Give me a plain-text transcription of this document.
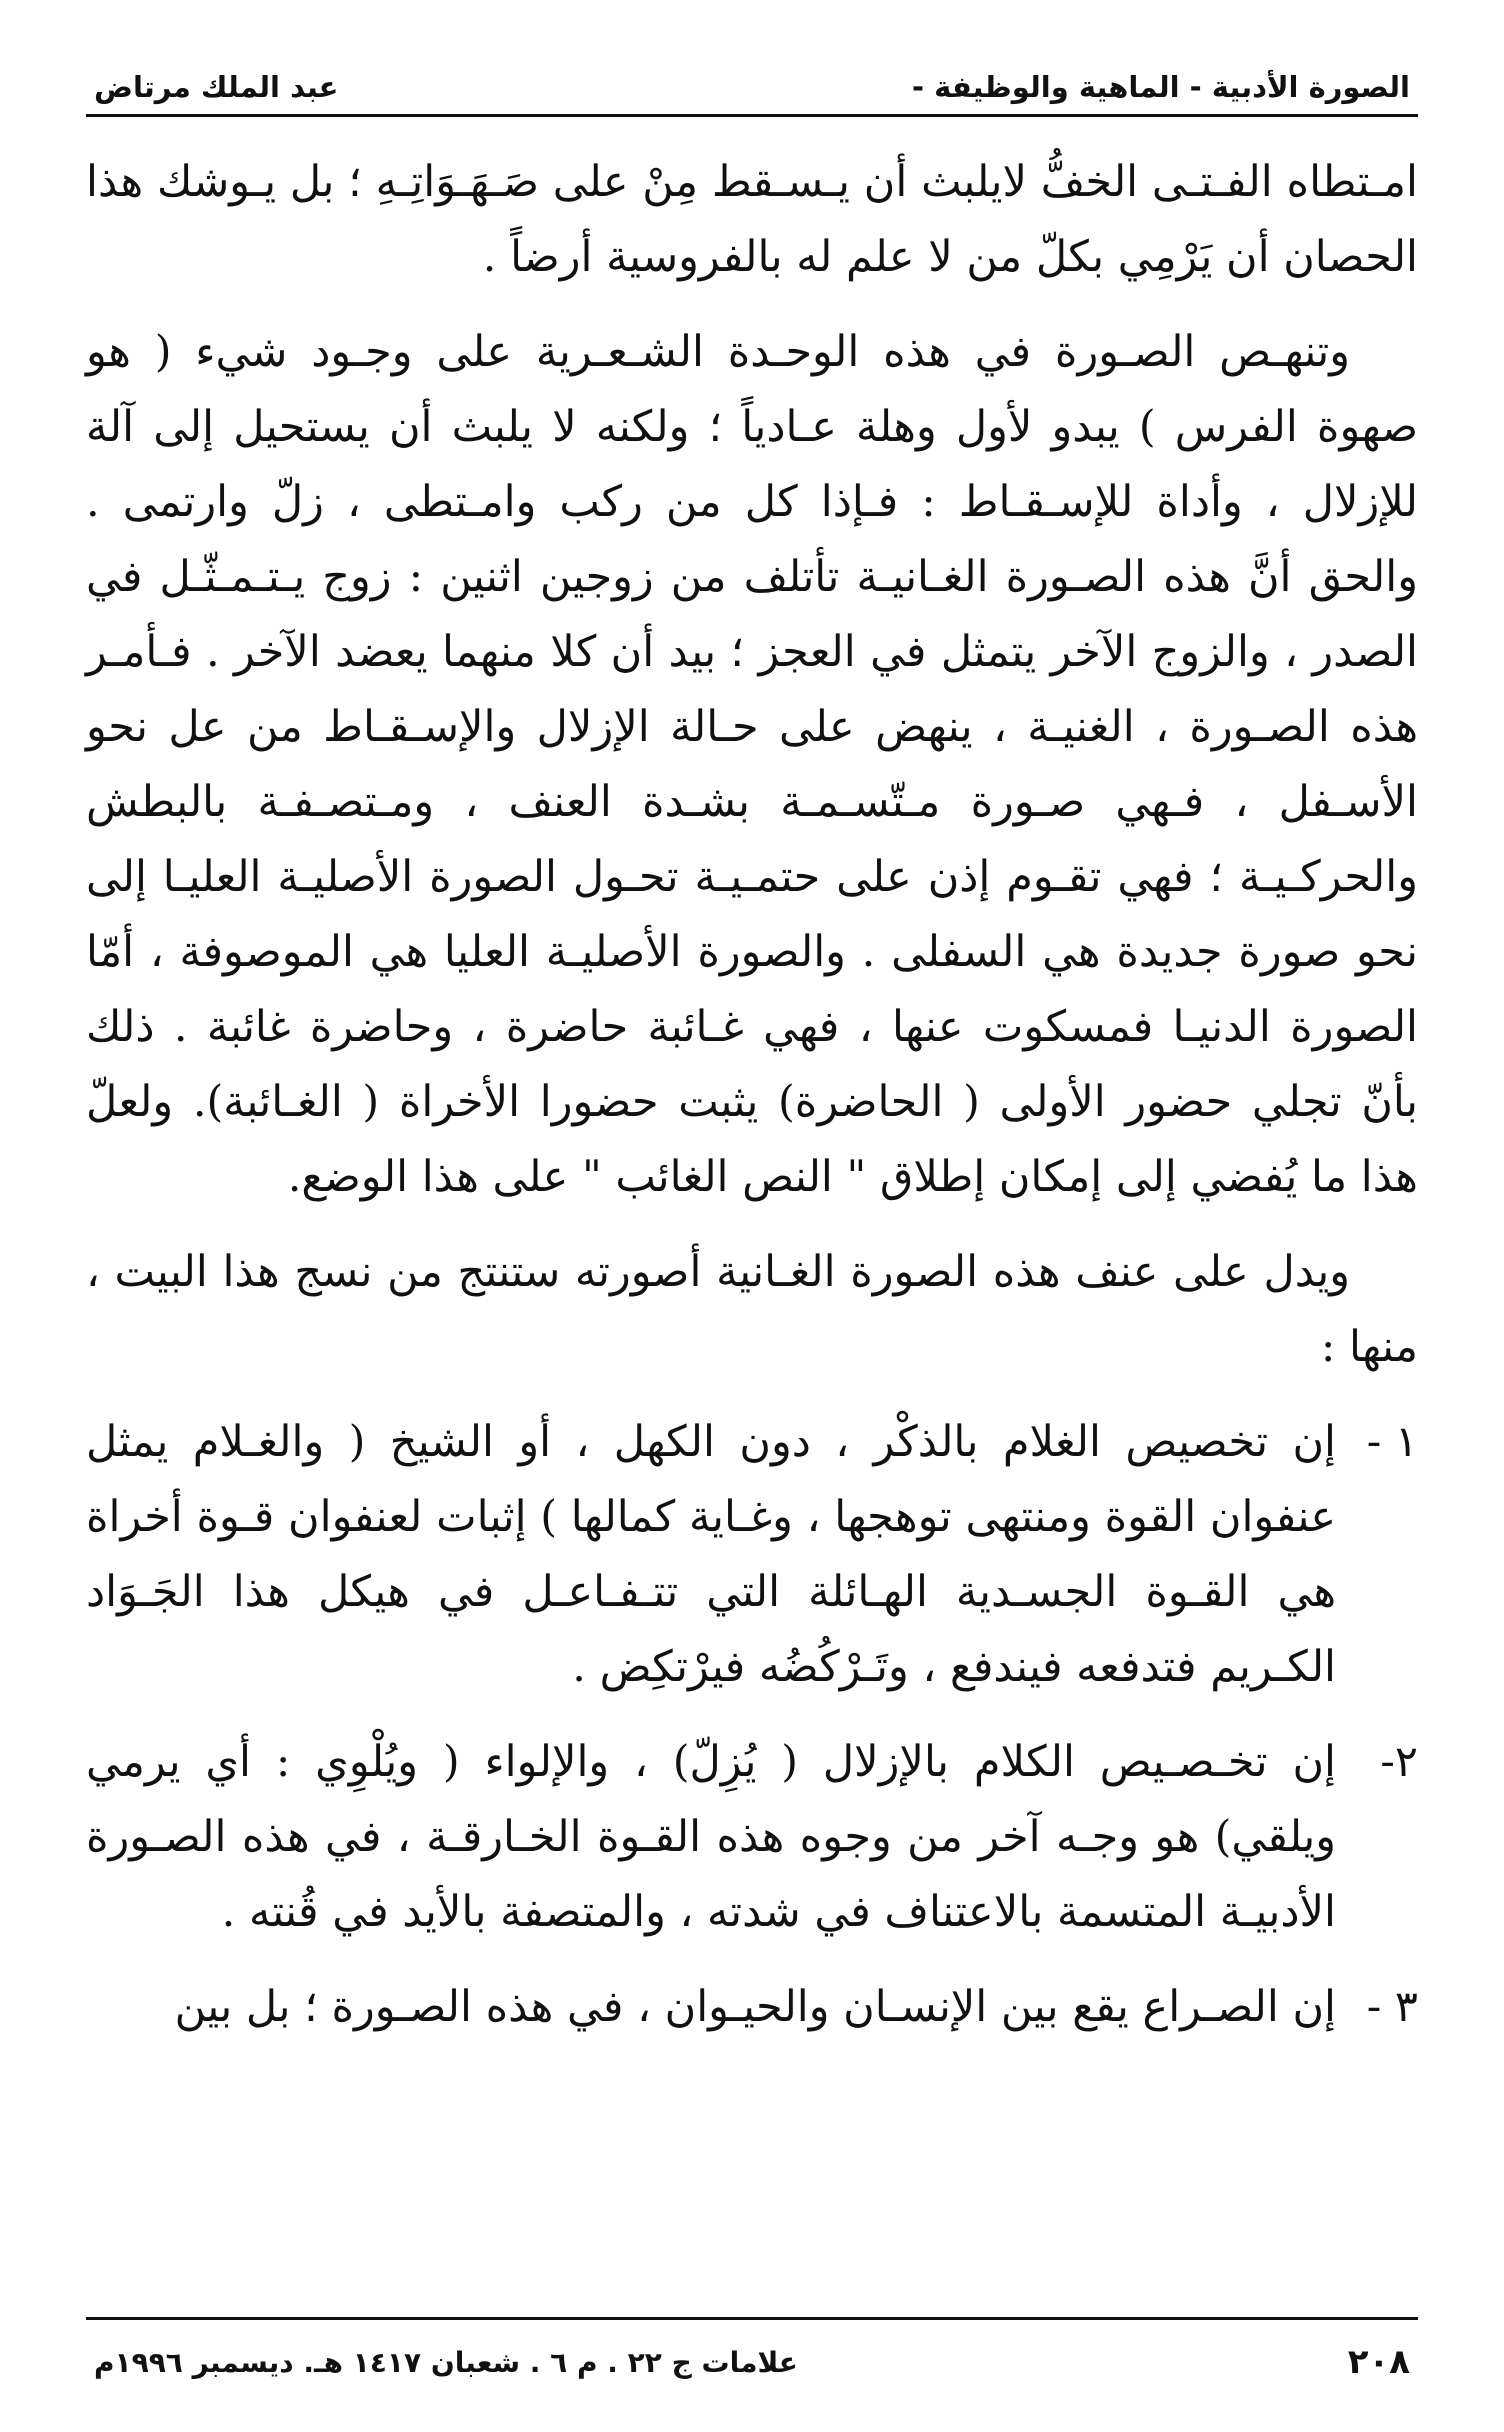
الصورة الأدبية - الماهية والوظيفة -
عبد الملك مرتاض

امـتطاه الفـتـى الخفُّ لايلبث أن يـسـقط مِنْ على صَـهَـوَاتِـهِ ؛ بل يـوشك هذا الحصان أن يَرْمِي بكلّ من لا علم له بالفروسية أرضاً .

وتنهـص الصـورة في هذه الوحـدة الشـعـرية على وجـود شيء ( هو صهوة الفرس ) يبدو لأول وهلة عـادياً ؛ ولكنه لا يلبث أن يستحيل إلى آلة للإزلال ، وأداة للإسـقـاط : فـإذا كل من ركب وامـتطى ، زلّ وارتمى . والحق أنَّ هذه الصـورة الغـانيـة تأتلف من زوجين اثنين : زوج يـتـمـثّـل في الصدر ، والزوج الآخر يتمثل في العجز ؛ بيد أن كلا منهما يعضد الآخر . فـأمـر هذه الصـورة ، الغنيـة ، ينهض على حـالة الإزلال والإسـقـاط من عل نحو الأسـفل ، فـهي صـورة مـتّسـمـة بشـدة العنف ، ومـتصـفـة بالبطش والحركـيـة ؛ فهي تقـوم إذن على حتمـيـة تحـول الصورة الأصليـة العليـا إلى نحو صورة جديدة هي السفلى . والصورة الأصليـة العليا هي الموصوفة ، أمّا الصورة الدنيـا فمسكوت عنها ، فهي غـائبة حاضرة ، وحاضرة غائبة . ذلك بأنّ تجلي حضور الأولى ( الحاضرة) يثبت حضورا الأخراة ( الغـائبة). ولعلّ هذا ما يُفضي إلى إمكان إطلاق " النص الغائب " على هذا الوضع.

ويدل على عنف هذه الصورة الغـانية أصورته ستنتج من نسج هذا البيت ، منها :

١ -
إن تخصيص الغلام بالذكْر ، دون الكهل ، أو الشيخ ( والغـلام يمثل عنفوان القوة ومنتهى توهجها ، وغـاية كمالها ) إثبات لعنفوان قـوة أخراة هي القـوة الجسـدية الهـائلة التي تتـفـاعـل في هيكل هذا الجَـوَاد الكـريم فتدفعه فيندفع ، وتَـرْكُضُه فيرْتكِض .
٢-
إن تخـصـيص الكلام بالإزلال ( يُزِلّ) ، والإلواء ( ويُلْوِي : أي يرمي ويلقي) هو وجـه آخر من وجوه هذه القـوة الخـارقـة ، في هذه الصـورة الأدبيـة المتسمة بالاعتناف في شدته ، والمتصفة بالأيد في قُنته .
٣ -
إن الصـراع يقع بين الإنسـان والحيـوان ، في هذه الصـورة ؛ بل بين
٢٠٨
علامات ج ٢٢ . م ٦ . شعبان ١٤١٧ هـ. ديسمبر ١٩٩٦م
